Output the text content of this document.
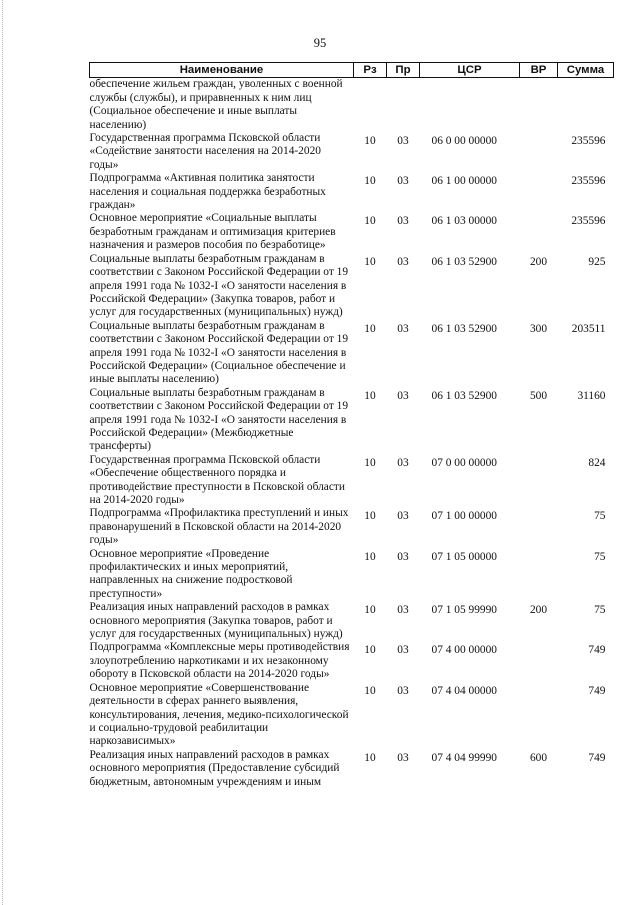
95
Наименование	Рз	Пр	ЦСР	ВР	Сумма
обеспечение жильем граждан, уволенных с военной службы (службы), и приравненных к ним лиц (Социальное обеспечение и иные выплаты населению)					
Государственная программа Псковской области «Содействие занятости населения на 2014-2020 годы»	10	03	06 0 00 00000		235596
Подпрограмма «Активная политика занятости населения и социальная поддержка безработных граждан»	10	03	06 1 00 00000		235596
Основное мероприятие «Социальные выплаты безработным гражданам и оптимизация критериев назначения и размеров пособия по безработице»	10	03	06 1 03 00000		235596
Социальные выплаты безработным гражданам в соответствии с Законом Российской Федерации от 19 апреля 1991 года № 1032-I «О занятости населения в Российской Федерации» (Закупка товаров, работ и услуг для государственных (муниципальных) нужд)	10	03	06 1 03 52900	200	925
Социальные выплаты безработным гражданам в соответствии с Законом Российской Федерации от 19 апреля 1991 года № 1032-I «О занятости населения в Российской Федерации» (Социальное обеспечение и иные выплаты населению)	10	03	06 1 03 52900	300	203511
Социальные выплаты безработным гражданам в соответствии с Законом Российской Федерации от 19 апреля 1991 года № 1032-I «О занятости населения в Российской Федерации» (Межбюджетные трансферты)	10	03	06 1 03 52900	500	31160
Государственная программа Псковской области «Обеспечение общественного порядка и противодействие преступности в Псковской области на 2014-2020 годы»	10	03	07 0 00 00000		824
Подпрограмма «Профилактика преступлений и иных правонарушений в Псковской области на 2014-2020 годы»	10	03	07 1 00 00000		75
Основное мероприятие «Проведение профилактических и иных мероприятий, направленных на снижение подростковой преступности»	10	03	07 1 05 00000		75
Реализация иных направлений расходов в рамках основного мероприятия (Закупка товаров, работ и услуг для государственных (муниципальных) нужд)	10	03	07 1 05 99990	200	75
Подпрограмма «Комплексные меры противодействия злоупотреблению наркотиками и их незаконному обороту в Псковской области на 2014-2020 годы»	10	03	07 4 00 00000		749
Основное мероприятие «Совершенствование деятельности в сферах раннего выявления, консультирования, лечения, медико-психологической и социально-трудовой реабилитации наркозависимых»	10	03	07 4 04 00000		749
Реализация иных направлений расходов в рамках основного мероприятия (Предоставление субсидий бюджетным, автономным учреждениям и иным	10	03	07 4 04 99990	600	749
